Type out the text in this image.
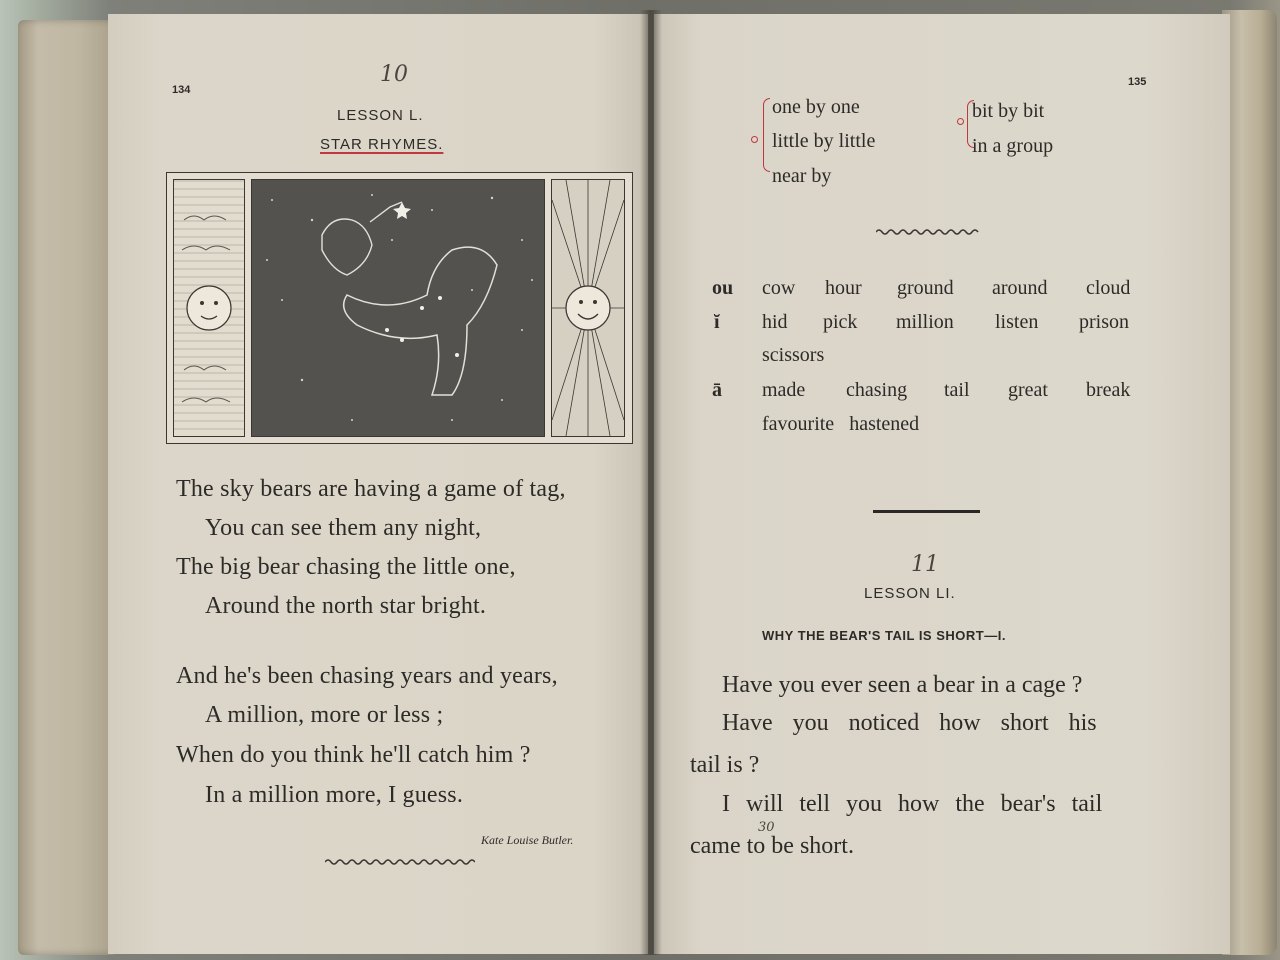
134
10
LESSON L.
STAR RHYMES.
The sky bears are having a game of tag,
You can see them any night,
The big bear chasing the little one,
Around the north star bright.
And he's been chasing years and years,
A million, more or less ;
When do you think he'll catch him ?
In a million more, I guess.
Kate Louise Butler.
135
one by one
little by little
near by
bit by bit
in a group
ou cow hour ground around cloud
ĭ hid pick million listen prison
scissors
ā made chasing tail great break
favourite hastened
11
LESSON LI.
WHY THE BEAR'S TAIL IS SHORT—I.
Have you ever seen a bear in a cage ?
Have you noticed how short his
tail is ?
I will tell you how the bear's tail
came to be short.
30
